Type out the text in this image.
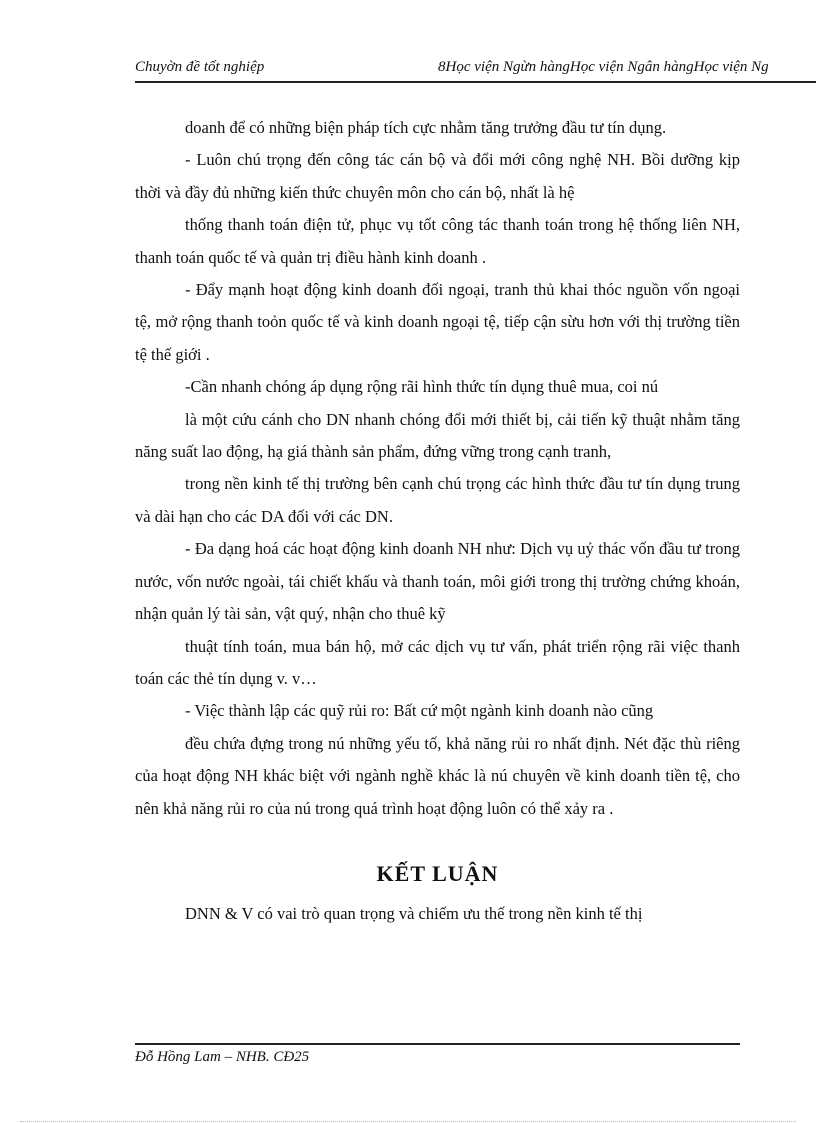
Chuyờn đề tốt nghiệp	8Học viện Ngừn hàngHọc viện Ngân hàngHọc viện Ng

doanh để có những biện pháp tích cực nhằm tăng trưởng đầu tư tín dụng.

- Luôn chú trọng đến công tác cán bộ và đổi mới công nghệ NH. Bồi dưỡng kịp thời và đầy đủ những kiến thức chuyên môn cho cán bộ, nhất là hệ

thống thanh toán điện tử, phục vụ tốt công tác thanh toán trong hệ thống liên NH, thanh toán quốc tế và quản trị điều hành kinh doanh .

- Đẩy mạnh hoạt động kinh doanh đối ngoại, tranh thủ khai thóc nguồn vốn ngoại tệ, mở rộng thanh toỏn quốc tế và kinh doanh ngoại tệ, tiếp cận sừu hơn với thị trường tiền tệ thế giới .

-Cần nhanh chóng áp dụng rộng rãi hình thức tín dụng thuê mua, coi nú

là một cứu cánh cho DN nhanh chóng đổi mới thiết bị, cải tiến kỹ thuật nhằm tăng năng suất lao động, hạ giá thành sản phẩm, đứng vững trong cạnh tranh,

trong nền kinh tế thị trường bên cạnh chú trọng các hình thức đầu tư tín dụng trung và dài hạn cho các DA đối với các DN.

- Đa dạng hoá các hoạt động kinh doanh NH như: Dịch vụ uỷ thác vốn đầu tư trong nước, vốn nước ngoài, tái chiết khấu và thanh toán, môi giới trong thị trường chứng khoán, nhận quản lý tài sản, vật quý, nhận cho thuê kỹ

thuật tính toán, mua bán hộ, mở các dịch vụ tư vấn, phát triển rộng rãi việc thanh toán các thẻ tín dụng v. v…

- Việc thành lập các quỹ rủi ro: Bất cứ một ngành kinh doanh nào cũng

đều chứa đựng trong nú những yếu tố, khả năng rủi ro nhất định. Nét đặc thù riêng của hoạt động NH khác biệt với ngành nghề khác là nú chuyên về kinh doanh tiền tệ, cho nên khả năng rủi ro của nú trong quá trình hoạt động luôn có thể xảy ra .

KẾT LUẬN

DNN & V có vai trò quan trọng và chiếm ưu thế trong nền kinh tế thị

Đỗ Hồng Lam – NHB. CĐ25
